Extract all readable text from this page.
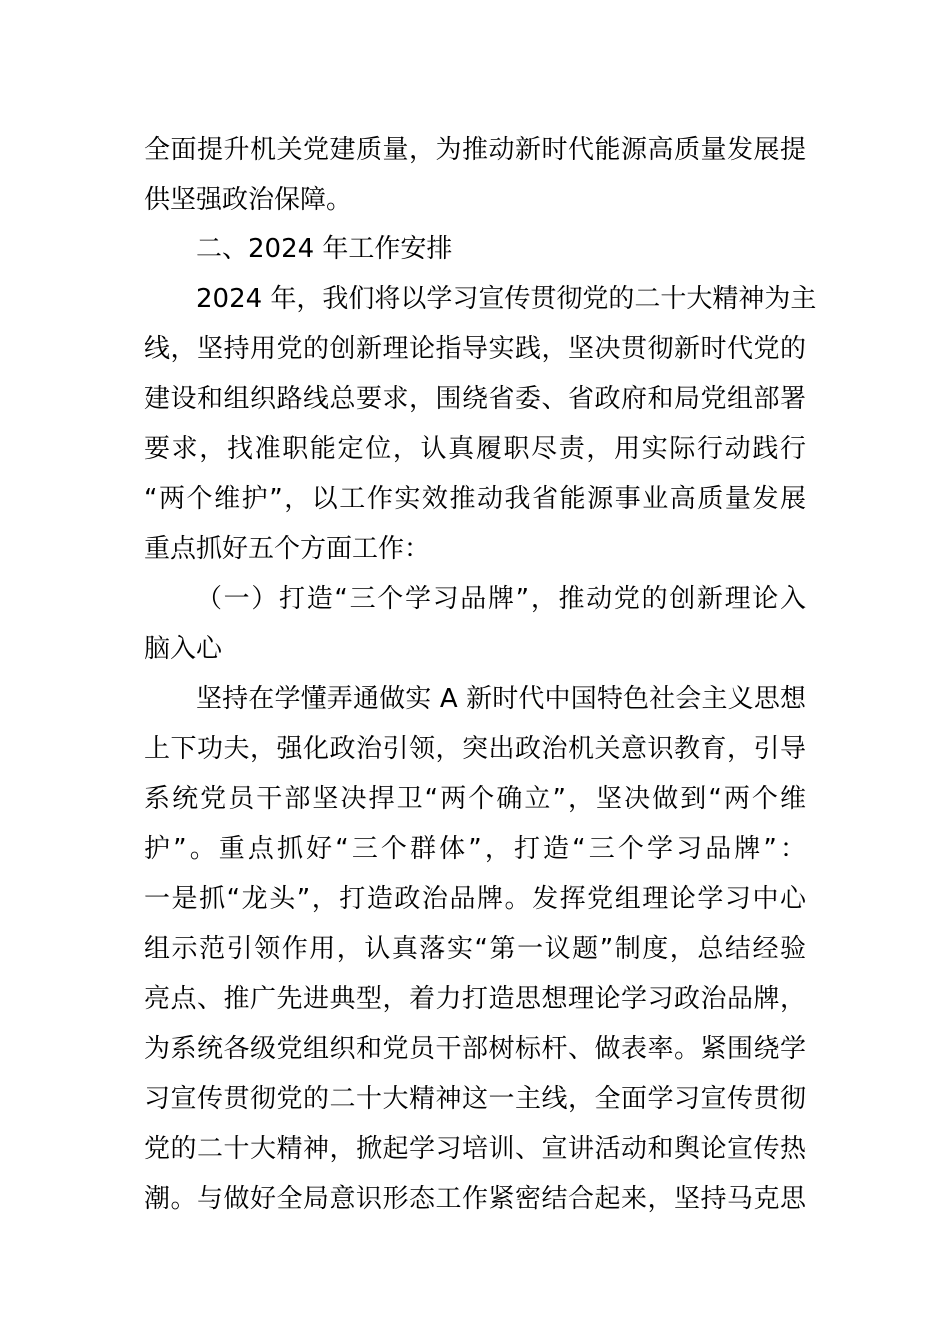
全面提升机关党建质量，为推动新时代能源高质量发展提
供坚强政治保障。
二、2024 年工作安排
2024 年，我们将以学习宣传贯彻党的二十大精神为主
线，坚持用党的创新理论指导实践，坚决贯彻新时代党的
建设和组织路线总要求，围绕省委、省政府和局党组部署
要求，找准职能定位，认真履职尽责，用实际行动践行
“两个维护”，以工作实效推动我省能源事业高质量发展
重点抓好五个方面工作：
（一）打造“三个学习品牌”，推动党的创新理论入
脑入心
坚持在学懂弄通做实 A 新时代中国特色社会主义思想
上下功夫，强化政治引领，突出政治机关意识教育，引导
系统党员干部坚决捍卫“两个确立”，坚决做到“两个维
护”。重点抓好“三个群体”，打造“三个学习品牌”：
一是抓“龙头”，打造政治品牌。发挥党组理论学习中心
组示范引领作用，认真落实“第一议题”制度，总结经验
亮点、推广先进典型，着力打造思想理论学习政治品牌，
为系统各级党组织和党员干部树标杆、做表率。紧围绕学
习宣传贯彻党的二十大精神这一主线，全面学习宣传贯彻
党的二十大精神，掀起学习培训、宣讲活动和舆论宣传热
潮。与做好全局意识形态工作紧密结合起来，坚持马克思
